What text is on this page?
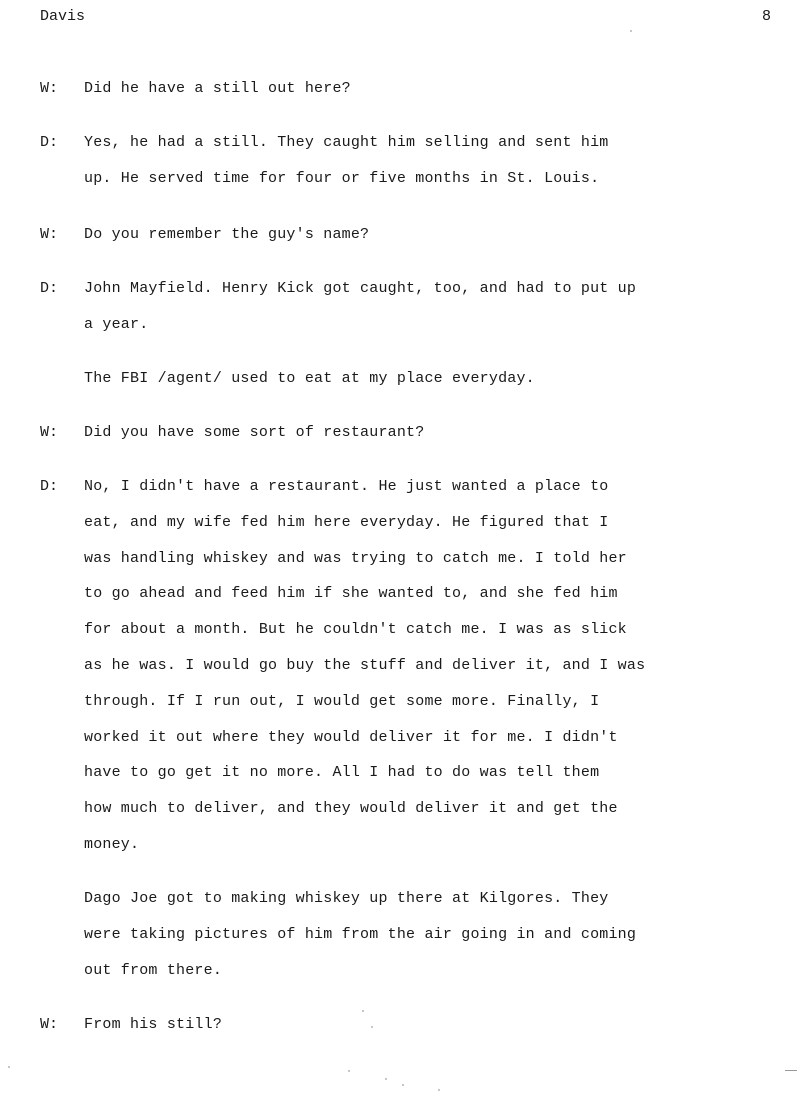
Davis	8
W: Did he have a still out here?
D: Yes, he had a still. They caught him selling and sent him
up. He served time for four or five months in St. Louis.
W: Do you remember the guy's name?
D: John Mayfield. Henry Kick got caught, too, and had to put up
a year.
The FBI /agent/ used to eat at my place everyday.
W: Did you have some sort of restaurant?
D: No, I didn't have a restaurant. He just wanted a place to
eat, and my wife fed him here everyday. He figured that I
was handling whiskey and was trying to catch me. I told her
to go ahead and feed him if she wanted to, and she fed him
for about a month. But he couldn't catch me. I was as slick
as he was. I would go buy the stuff and deliver it, and I was
through. If I run out, I would get some more. Finally, I
worked it out where they would deliver it for me. I didn't
have to go get it no more. All I had to do was tell them
how much to deliver, and they would deliver it and get the
money.
Dago Joe got to making whiskey up there at Kilgores. They
were taking pictures of him from the air going in and coming
out from there.
W: From his still?
